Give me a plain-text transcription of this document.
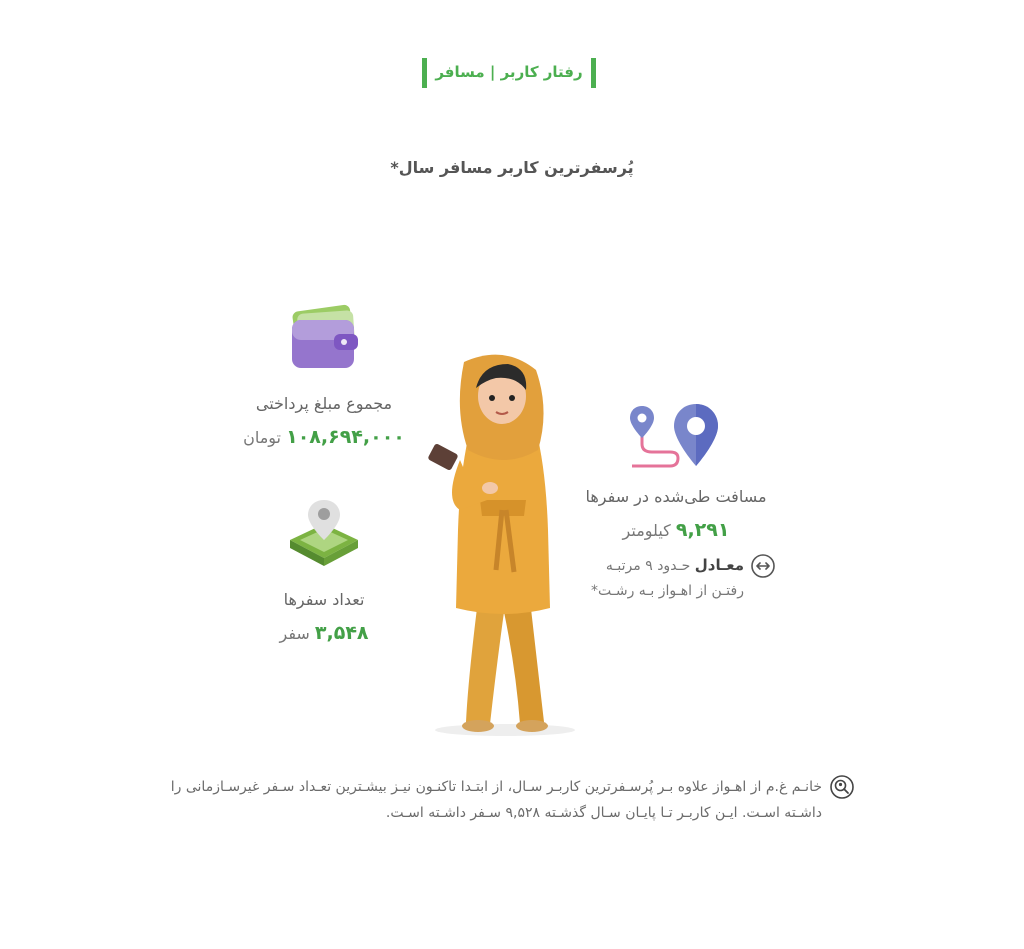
رفتار کاربر | مسافر
پُرسفرترین کاربر مسافر سال*
مجموع مبلغ پرداختی
۱۰۸,۶۹۴,۰۰۰ تومان
تعداد سفرها
۳,۵۴۸ سفر
مسافت طی‌شده در سفرها
۹,۲۹۱ کیلومتر
معـادل حـدود ۹ مرتبـه
رفتـن از اهـواز بـه رشـت*
خانـم غ.م از اهـواز علاوه بـر پُرسـفرترین کاربـر سـال، از ابتـدا تاکنـون نیـز بیشـترین تعـداد سـفر غیرسـازمانی را
داشـته اسـت. ایـن کاربـر تـا پایـان سـال گذشـته ۹,۵۲۸ سـفر داشـته اسـت.
